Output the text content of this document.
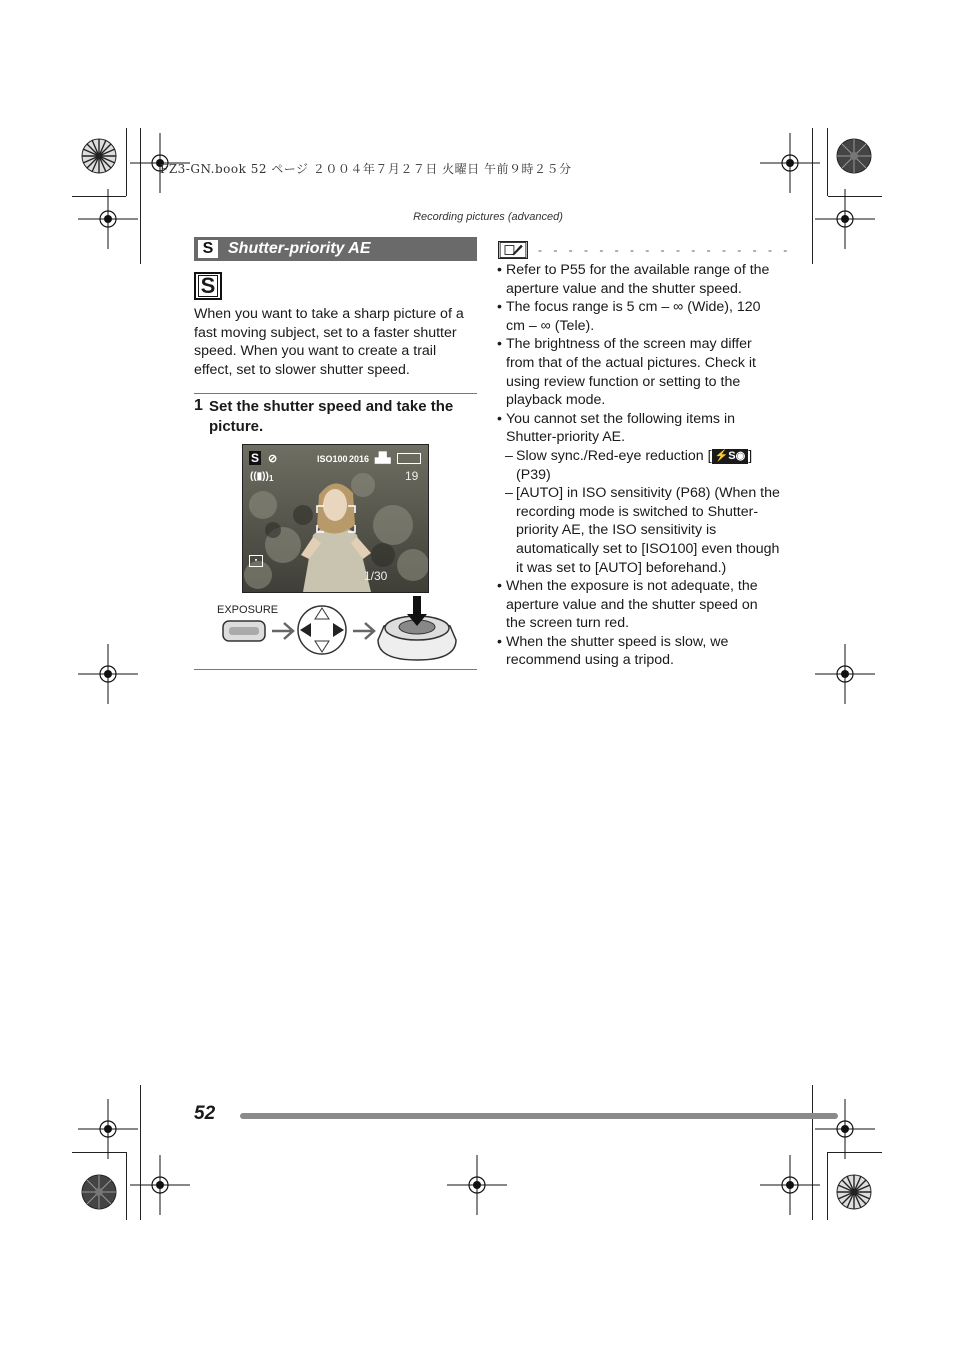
FZ3-GN.book 52 ページ ２００４年７月２７日 火曜日 午前９時２５分
Recording pictures (advanced)
S Shutter-priority AE
S
When you want to take a sharp picture of a fast moving subject, set to a faster shutter speed. When you want to create a trail effect, set to slower shutter speed.
1 Set the shutter speed and take the picture.
S ⊘	ISO100 2016 ▟▙
((▮)) 1	19
▪
1/30
EXPOSURE
- - - - - - - - - - - - - - - - -
• Refer to P55 for the available range of the aperture value and the shutter speed.
• The focus range is 5 cm – ∞ (Wide), 120 cm – ∞ (Tele).
• The brightness of the screen may differ from that of the actual pictures. Check it using review function or setting to the playback mode.
• You cannot set the following items in Shutter-priority AE.
– Slow sync./Red-eye reduction [ ⚡S◉ ] (P39)
– [AUTO] in ISO sensitivity (P68) (When the recording mode is switched to Shutter-priority AE, the ISO sensitivity is automatically set to [ISO100] even though it was set to [AUTO] beforehand.)
• When the exposure is not adequate, the aperture value and the shutter speed on the screen turn red.
• When the shutter speed is slow, we recommend using a tripod.
52
